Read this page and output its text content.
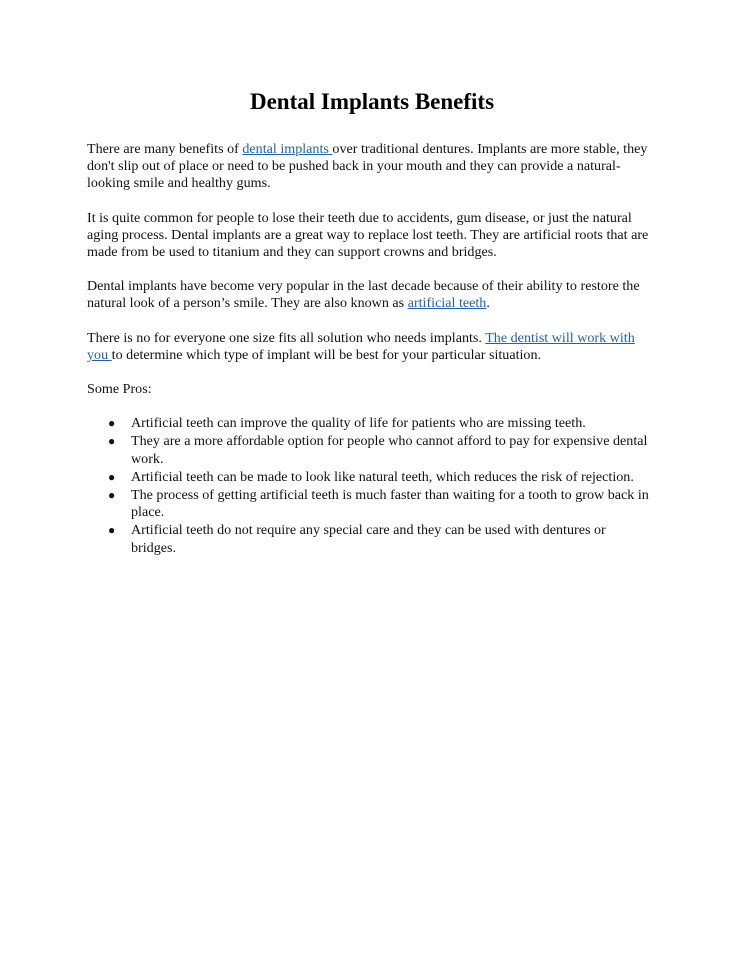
Dental Implants Benefits

There are many benefits of dental implants over traditional dentures. Implants are more stable, they don't slip out of place or need to be pushed back in your mouth and they can provide a natural-looking smile and healthy gums.

It is quite common for people to lose their teeth due to accidents, gum disease, or just the natural aging process. Dental implants are a great way to replace lost teeth. They are artificial roots that are made from be used to titanium and they can support crowns and bridges.

Dental implants have become very popular in the last decade because of their ability to restore the natural look of a person’s smile. They are also known as artificial teeth.

There is no for everyone one size fits all solution who needs implants. The dentist will work with you to determine which type of implant will be best for your particular situation.

Some Pros:

● Artificial teeth can improve the quality of life for patients who are missing teeth.
● They are a more affordable option for people who cannot afford to pay for expensive dental work.
● Artificial teeth can be made to look like natural teeth, which reduces the risk of rejection.
● The process of getting artificial teeth is much faster than waiting for a tooth to grow back in place.
● Artificial teeth do not require any special care and they can be used with dentures or bridges.
